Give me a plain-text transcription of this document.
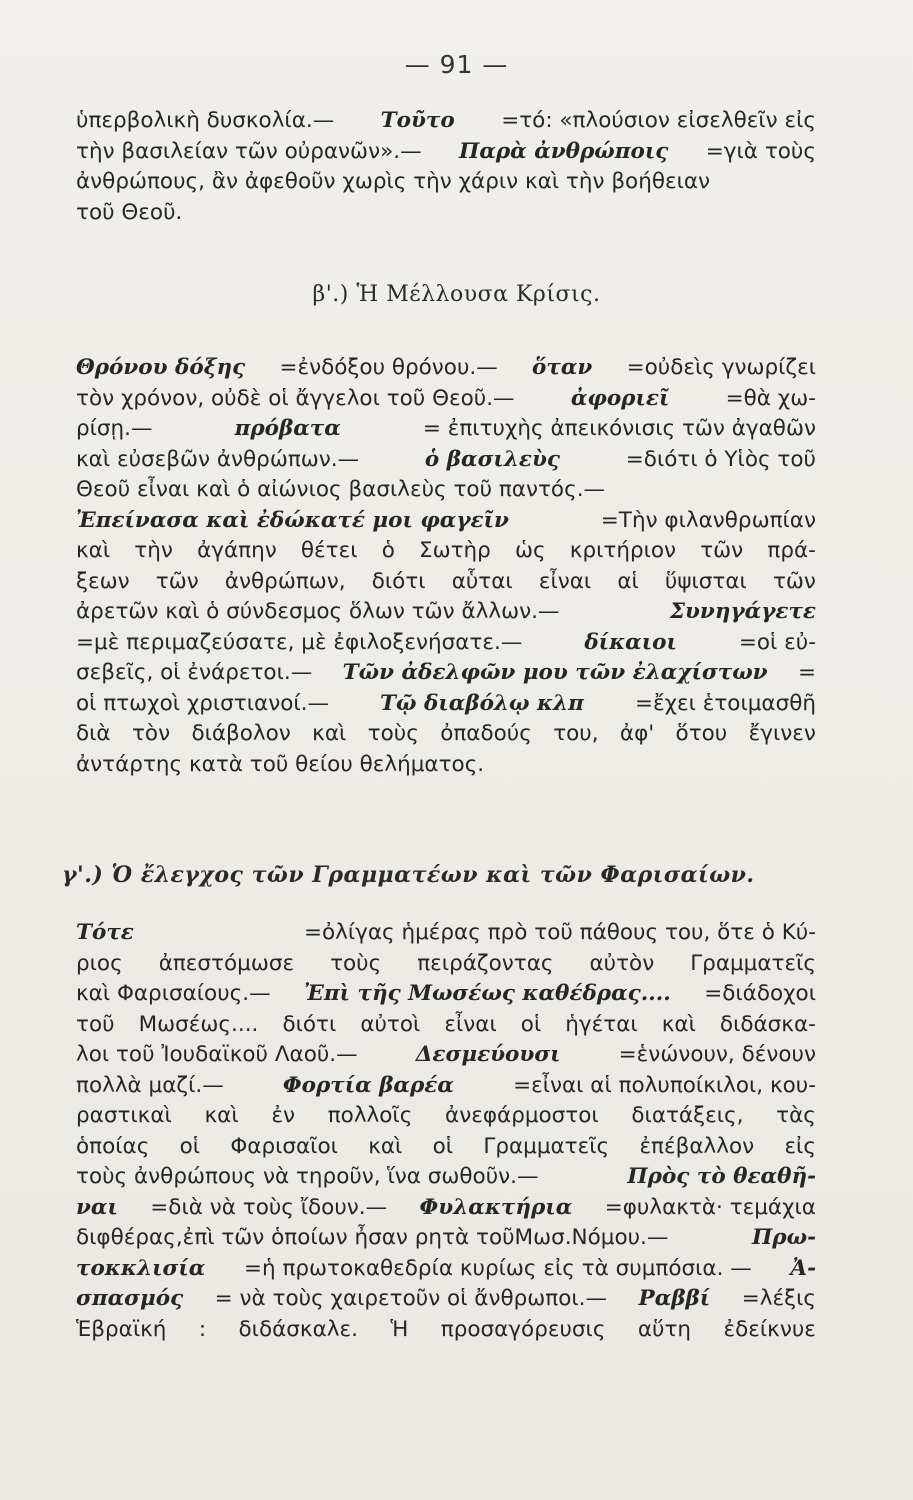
— 91 —
ὑπερβολικὴ δυσκολία.— Τοῦτο =τό: «πλούσιον εἰσελθεῖν εἰς
τὴν βασιλείαν τῶν οὐρανῶν».— Παρὰ ἀνθρώποις =γιὰ τοὺς
ἀνθρώπους, ἂν ἀφεθοῦν χωρὶς τὴν χάριν καὶ τὴν βοήθειαν
τοῦ Θεοῦ.
β'.) Ἡ Μέλλουσα Κρίσις.
Θρόνου δόξης =ἐνδόξου θρόνου.— ὅταν =οὐδεὶς γνωρίζει
τὸν χρόνον, οὐδὲ οἱ ἄγγελοι τοῦ Θεοῦ.—	ἀφοριεῖ	=θὰ χω-
ρίσῃ.—	πρόβατα	= ἐπιτυχὴς ἀπεικόνισις τῶν ἀγαθῶν
καὶ εὐσεβῶν ἀνθρώπων.—	ὁ βασιλεὺς	=διότι ὁ Υἱὸς τοῦ
Θεοῦ εἶναι καὶ ὁ αἰώνιος βασιλεὺς τοῦ παντός.—
Ἐπείνασα καὶ ἐδώκατέ μοι φαγεῖν	=Τὴν φιλανθρωπίαν
καὶ τὴν ἀγάπην θέτει ὁ Σωτὴρ ὡς κριτήριον τῶν πρά-
ξεων τῶν ἀνθρώπων, διότι αὗται εἶναι αἱ ὕψισται τῶν
ἀρετῶν καὶ ὁ σύνδεσμος ὅλων τῶν ἄλλων.—	Συνηγάγετε
=μὲ περιμαζεύσατε, μὲ ἐφιλοξενήσατε.—	δίκαιοι	=οἱ εὐ-
σεβεῖς, οἱ ἐνάρετοι.— Τῶν ἀδελφῶν μου τῶν ἐλαχίστων =
οἱ πτωχοὶ χριστιανοί.— Τῷ διαβόλῳ κλπ =ἔχει ἑτοιμασθῆ
διὰ τὸν διάβολον καὶ τοὺς ὀπαδούς του, ἀφ' ὅτου ἔγινεν
ἀντάρτης κατὰ τοῦ θείου θελήματος.
γ'.) Ὁ ἔλεγχος τῶν Γραμματέων καὶ τῶν Φαρισαίων.
Τότε	=ὀλίγας ἡμέρας πρὸ τοῦ πάθους του, ὅτε ὁ Κύ-
ριος ἀπεστόμωσε τοὺς πειράζοντας αὐτὸν Γραμματεῖς
καὶ Φαρισαίους.— Ἐπὶ τῆς Μωσέως καθέδρας.... =διάδοχοι
τοῦ Μωσέως.... διότι αὐτοὶ εἶναι οἱ ἡγέται καὶ διδάσκα-
λοι τοῦ Ἰουδαϊκοῦ Λαοῦ.—	Δεσμεύουσι	=ἑνώνουν, δένουν
πολλὰ μαζί.—	Φορτία βαρέα	=εἶναι αἱ πολυποίκιλοι, κου-
ραστικαὶ καὶ ἐν πολλοῖς ἀνεφάρμοστοι διατάξεις, τὰς
ὁποίας οἱ Φαρισαῖοι καὶ οἱ Γραμματεῖς ἐπέβαλλον εἰς
τοὺς ἀνθρώπους νὰ τηροῦν, ἵνα σωθοῦν.—	Πρὸς τὸ θεαθῆ-
ναι =διὰ νὰ τοὺς ἴδουν.— Φυλακτήρια =φυλακτὰ· τεμάχια
διφθέρας,ἐπὶ τῶν ὁποίων ἦσαν ρητὰ τοῦΜωσ.Νόμου.—	Πρω-
τοκκλισία =ἡ πρωτοκαθεδρία κυρίως εἰς τὰ συμπόσια. — Ἀ-
σπασμός = νὰ τοὺς χαιρετοῦν οἱ ἄνθρωποι.— Ραββί =λέξις
Ἑβραϊκή : διδάσκαλε. Ἡ προσαγόρευσις αὕτη ἐδείκνυε
